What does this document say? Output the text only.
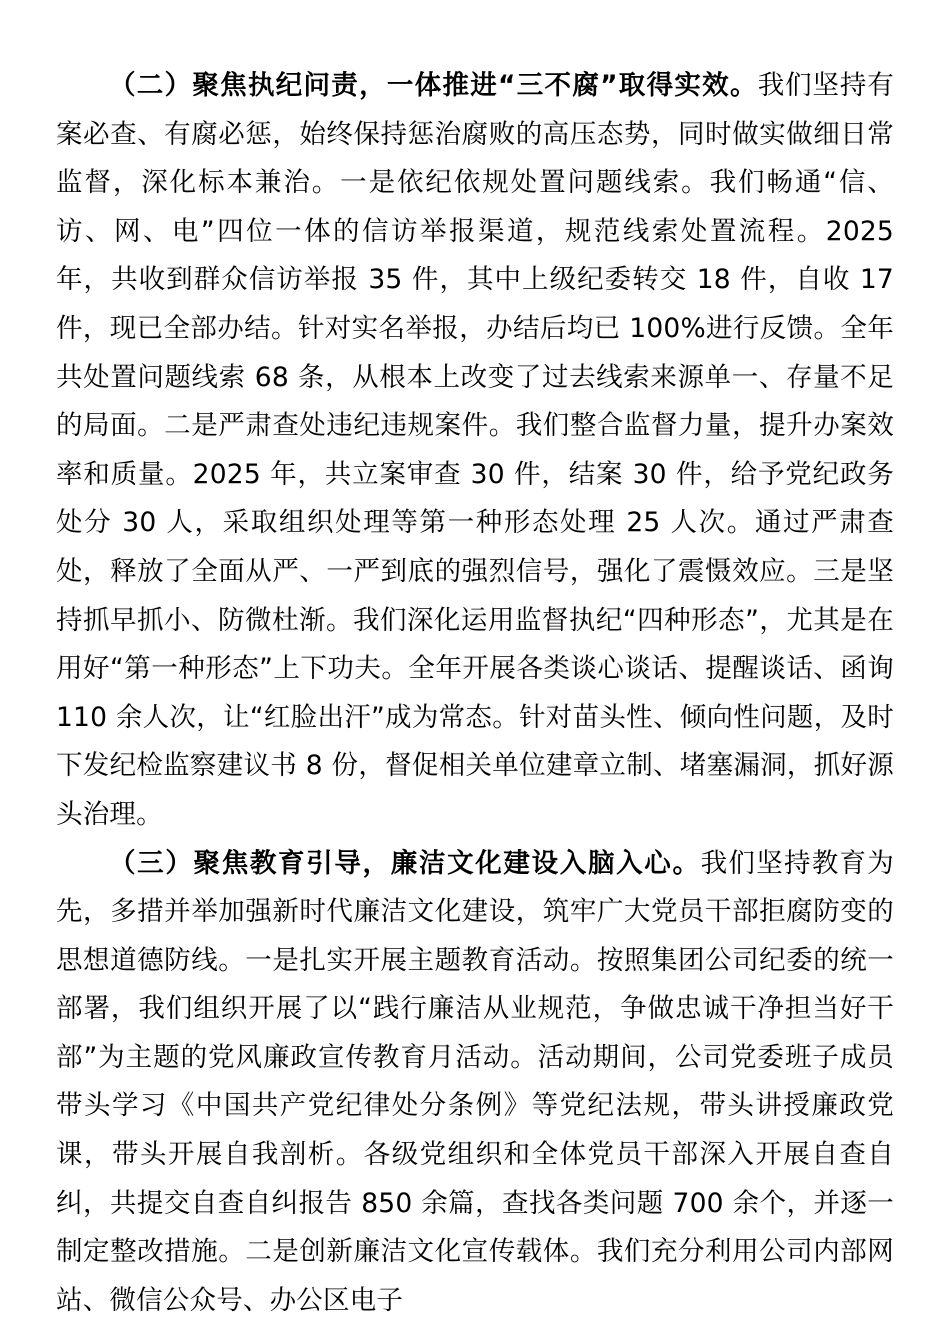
（二）聚焦执纪问责，一体推进“三不腐”取得实效。我们坚持有案必查、有腐必惩，始终保持惩治腐败的高压态势，同时做实做细日常监督，深化标本兼治。一是依纪依规处置问题线索。我们畅通“信、访、网、电”四位一体的信访举报渠道，规范线索处置流程。2025 年，共收到群众信访举报 35 件，其中上级纪委转交 18 件，自收 17 件，现已全部办结。针对实名举报，办结后均已 100%进行反馈。全年共处置问题线索 68 条，从根本上改变了过去线索来源单一、存量不足的局面。二是严肃查处违纪违规案件。我们整合监督力量，提升办案效率和质量。2025 年，共立案审查 30 件，结案 30 件，给予党纪政务处分 30 人，采取组织处理等第一种形态处理 25 人次。通过严肃查处，释放了全面从严、一严到底的强烈信号，强化了震慑效应。三是坚持抓早抓小、防微杜渐。我们深化运用监督执纪“四种形态”，尤其是在用好“第一种形态”上下功夫。全年开展各类谈心谈话、提醒谈话、函询 110 余人次，让“红脸出汗”成为常态。针对苗头性、倾向性问题，及时下发纪检监察建议书 8 份，督促相关单位建章立制、堵塞漏洞，抓好源头治理。

（三）聚焦教育引导，廉洁文化建设入脑入心。我们坚持教育为先，多措并举加强新时代廉洁文化建设，筑牢广大党员干部拒腐防变的思想道德防线。一是扎实开展主题教育活动。按照集团公司纪委的统一部署，我们组织开展了以“践行廉洁从业规范，争做忠诚干净担当好干部”为主题的党风廉政宣传教育月活动。活动期间，公司党委班子成员带头学习《中国共产党纪律处分条例》等党纪法规，带头讲授廉政党课，带头开展自我剖析。各级党组织和全体党员干部深入开展自查自纠，共提交自查自纠报告 850 余篇，查找各类问题 700 余个，并逐一制定整改措施。二是创新廉洁文化宣传载体。我们充分利用公司内部网站、微信公众号、办公区电子
